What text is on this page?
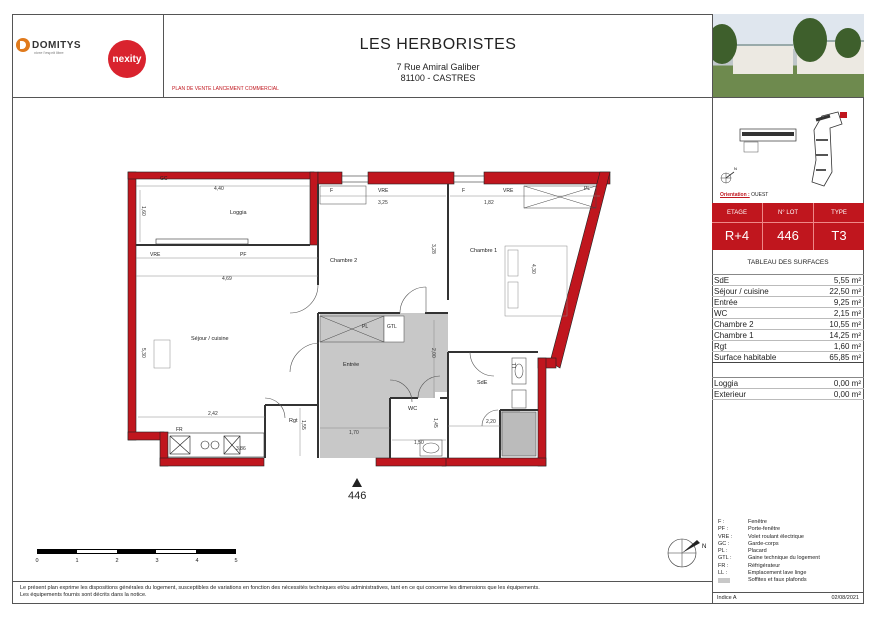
DOMITYS
vivre l'esprit libre
nexity
LES HERBORISTES
7 Rue Amiral Galiber
81100 - CASTRES
PLAN DE VENTE LANCEMENT COMMERCIAL
N
Orientation : OUEST
ETAGE	N° LOT	TYPE
R+4	446	T3
TABLEAU DES SURFACES
SdE	5,55 m²
Séjour / cuisine	22,50 m²
Entrée	9,25 m²
WC	2,15 m²
Chambre 2	10,55 m²
Chambre 1	14,25 m²
Rgt	1,60 m²
Surface habitable	65,85 m²
Loggia	0,00 m²
Exterieur	0,00 m²
F :	Fenêtre
PF :	Porte-fenêtre
VRE :	Volet roulant électrique
GC :	Garde-corps
PL :	Placard
GTL :	Gaine technique du logement
FR :	Réfrigérateur
LL :	Emplacement lave linge
Soffites et faux plafonds
Indice A	02/08/2021
Loggia
Chambre 2
Chambre 1
Séjour / cuisine
Entrée
SdE
WC
Rgt
GC
F	VRE	F	VRE
VRE	PF
PL
PL	GTL
FR
LL
4,40
1,60
3,25	1,82
3,28
4,30
4,69
5,30
2,42
1,55
1,70
2,00
1,50
1,45	2,20
3,86
N
446
0	1	2	3	4	5
Le présent plan exprime les dispositions générales du logement, susceptibles de variations en fonction des nécessités techniques et/ou administratives, tant en ce qui concerne les dimensions que les équipements.
Les équipements fournis sont décrits dans la notice.
